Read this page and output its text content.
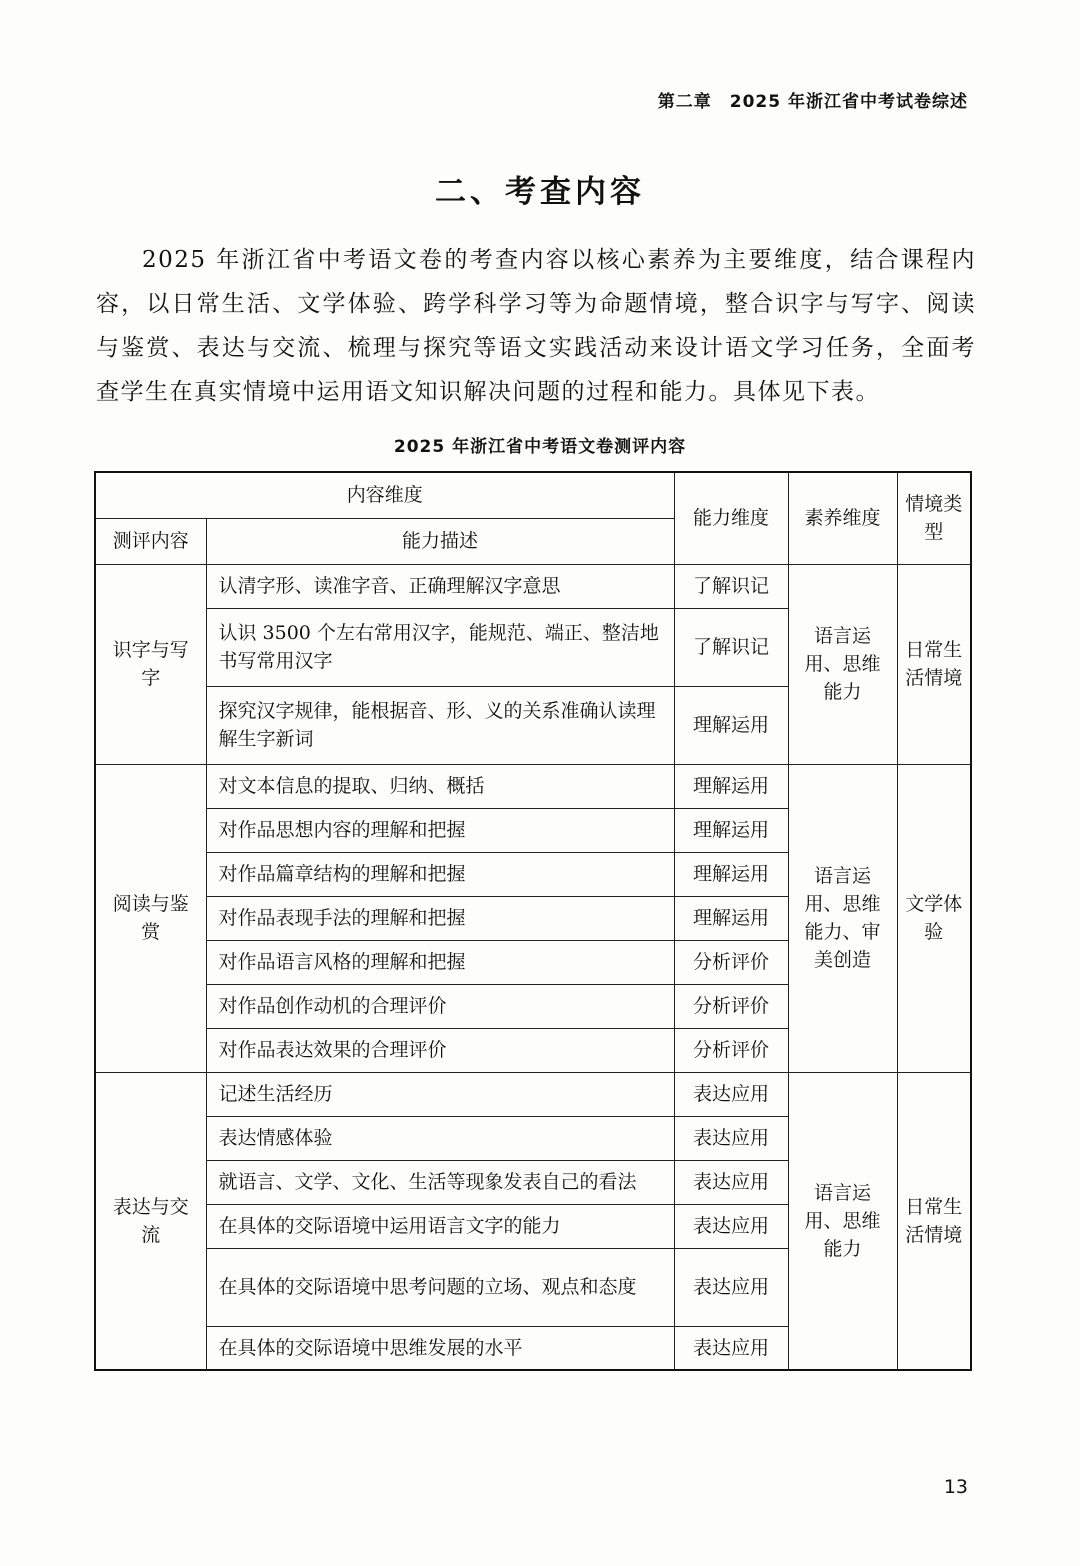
第二章　2025 年浙江省中考试卷综述
二、考查内容

2025 年浙江省中考语文卷的考查内容以核心素养为主要维度，结合课程内容，以日常生活、文学体验、跨学科学习等为命题情境，整合识字与写字、阅读与鉴赏、表达与交流、梳理与探究等语文实践活动来设计语文学习任务，全面考查学生在真实情境中运用语文知识解决问题的过程和能力。具体见下表。

2025 年浙江省中考语文卷测评内容
内容维度		能力维度	素养维度	情境类型
测评内容	能力描述			
识字与写字	认清字形、读准字音、正确理解汉字意思	了解识记	语言运用、思维能力	日常生活情境
	认识 3500 个左右常用汉字，能规范、端正、整洁地书写常用汉字	了解识记		
	探究汉字规律，能根据音、形、义的关系准确认读理解生字新词	理解运用		
阅读与鉴赏	对文本信息的提取、归纳、概括	理解运用	语言运用、思维能力、审美创造	文学体验
	对作品思想内容的理解和把握	理解运用		
	对作品篇章结构的理解和把握	理解运用		
	对作品表现手法的理解和把握	理解运用		
	对作品语言风格的理解和把握	分析评价		
	对作品创作动机的合理评价	分析评价		
	对作品表达效果的合理评价	分析评价		
表达与交流	记述生活经历	表达应用	语言运用、思维能力	日常生活情境
	表达情感体验	表达应用		
	就语言、文学、文化、生活等现象发表自己的看法	表达应用		
	在具体的交际语境中运用语言文字的能力	表达应用		
	在具体的交际语境中思考问题的立场、观点和态度	表达应用		
	在具体的交际语境中思维发展的水平	表达应用		
13
